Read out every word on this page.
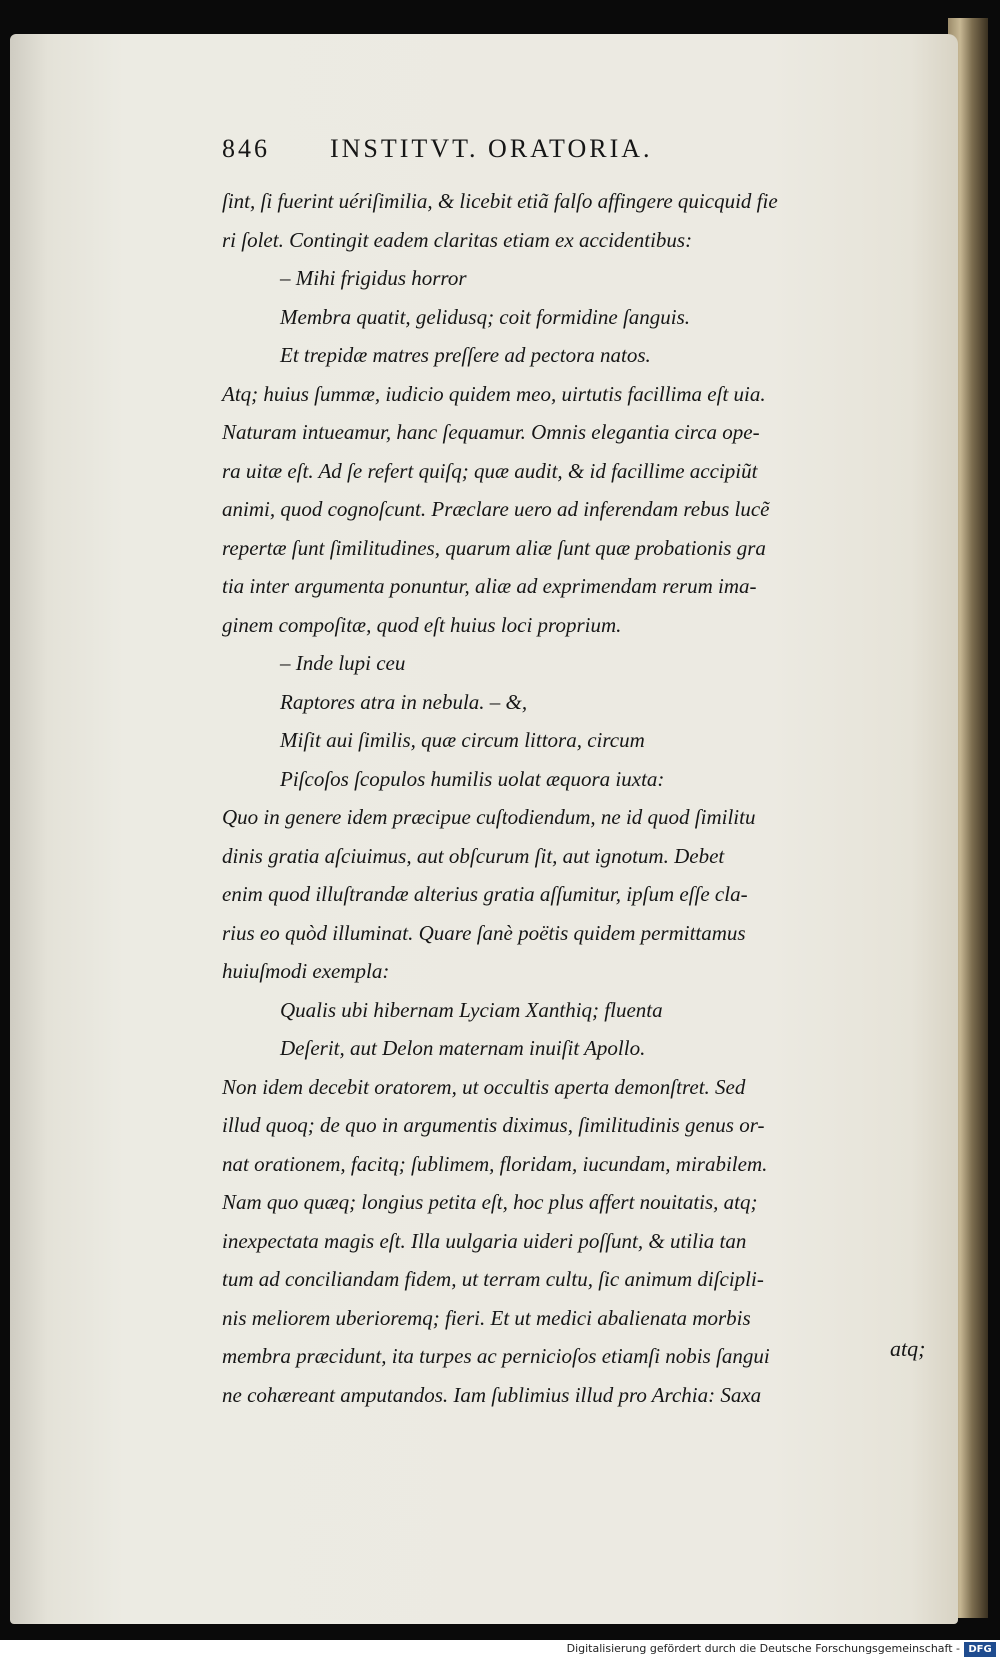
846 INSTITVT. ORATORIA.
ſint, ſi fuerint uériſimilia, & licebit etiã falſo affingere quicquid fie
ri ſolet. Contingit eadem claritas etiam ex accidentibus:
– Mihi frigidus horror
Membra quatit, gelidusq; coit formidine ſanguis.
Et trepidæ matres preſſere ad pectora natos.
Atq; huius ſummæ, iudicio quidem meo, uirtutis facillima eſt uia.
Naturam intueamur, hanc ſequamur. Omnis elegantia circa ope-
ra uitæ eſt. Ad ſe refert quiſq; quæ audit, & id facillime accipiũt
animi, quod cognoſcunt. Præclare uero ad inferendam rebus lucẽ
repertæ ſunt ſimilitudines, quarum aliæ ſunt quæ probationis gra
tia inter argumenta ponuntur, aliæ ad exprimendam rerum ima-
ginem compoſitæ, quod eſt huius loci proprium.
– Inde lupi ceu
Raptores atra in nebula. – &,
Miſit aui ſimilis, quæ circum littora, circum
Piſcoſos ſcopulos humilis uolat æquora iuxta:
Quo in genere idem præcipue cuſtodiendum, ne id quod ſimilitu
dinis gratia aſciuimus, aut obſcurum ſit, aut ignotum. Debet
enim quod illuſtrandæ alterius gratia aſſumitur, ipſum eſſe cla-
rius eo quòd illuminat. Quare ſanè poëtis quidem permittamus
huiuſmodi exempla:
Qualis ubi hibernam Lyciam Xanthiq; fluenta
Deſerit, aut Delon maternam inuiſit Apollo.
Non idem decebit oratorem, ut occultis aperta demonſtret. Sed
illud quoq; de quo in argumentis diximus, ſimilitudinis genus or-
nat orationem, facitq; ſublimem, floridam, iucundam, mirabilem.
Nam quo quæq; longius petita eſt, hoc plus affert nouitatis, atq;
inexpectata magis eſt. Illa uulgaria uideri poſſunt, & utilia tan
tum ad conciliandam fidem, ut terram cultu, ſic animum diſcipli-
nis meliorem uberioremq; fieri. Et ut medici abalienata morbis
membra præcidunt, ita turpes ac pernicioſos etiamſi nobis ſangui
ne cohæreant amputandos. Iam ſublimius illud pro Archia: Saxa
atq;
Digitalisierung gefördert durch die Deutsche Forschungsgemeinschaft - DFG
